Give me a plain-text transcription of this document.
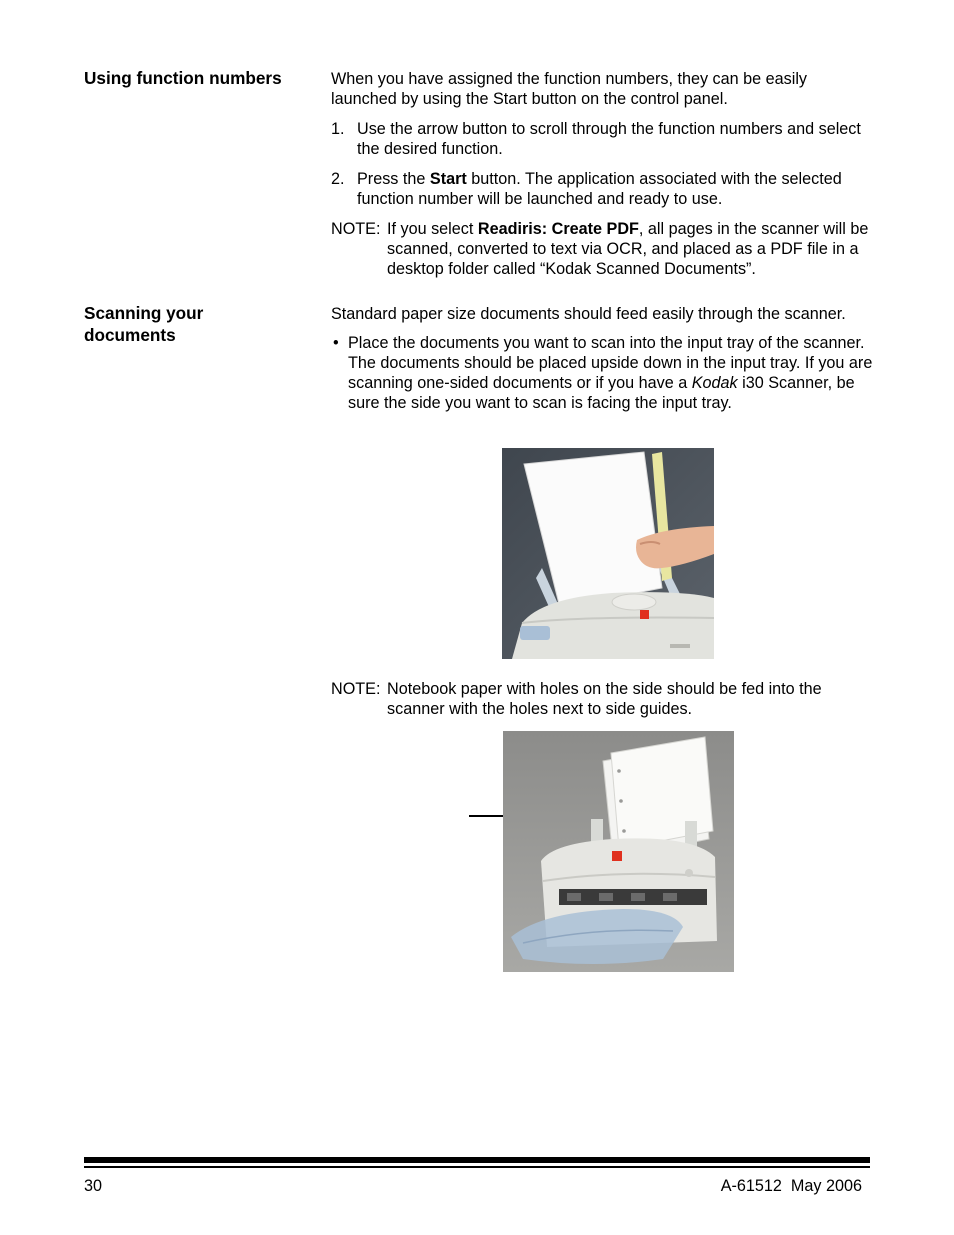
Using function numbers	When you have assigned the function numbers, they can be easily launched by using the Start button on the control panel.

1. Use the arrow button to scroll through the function numbers and select the desired function.

2. Press the Start button. The application associated with the selected function number will be launched and ready to use.

NOTE: If you select Readiris: Create PDF, all pages in the scanner will be scanned, converted to text via OCR, and placed as a PDF file in a desktop folder called “Kodak Scanned Documents”.
Scanning your documents
Standard paper size documents should feed easily through the scanner.
• Place the documents you want to scan into the input tray of the scanner. The documents should be placed upside down in the input tray. If you are scanning one-sided documents or if you have a Kodak i30 Scanner, be sure the side you want to scan is facing the input tray.
NOTE: Notebook paper with holes on the side should be fed into the scanner with the holes next to side guides.
30	A-61512  May 2006
